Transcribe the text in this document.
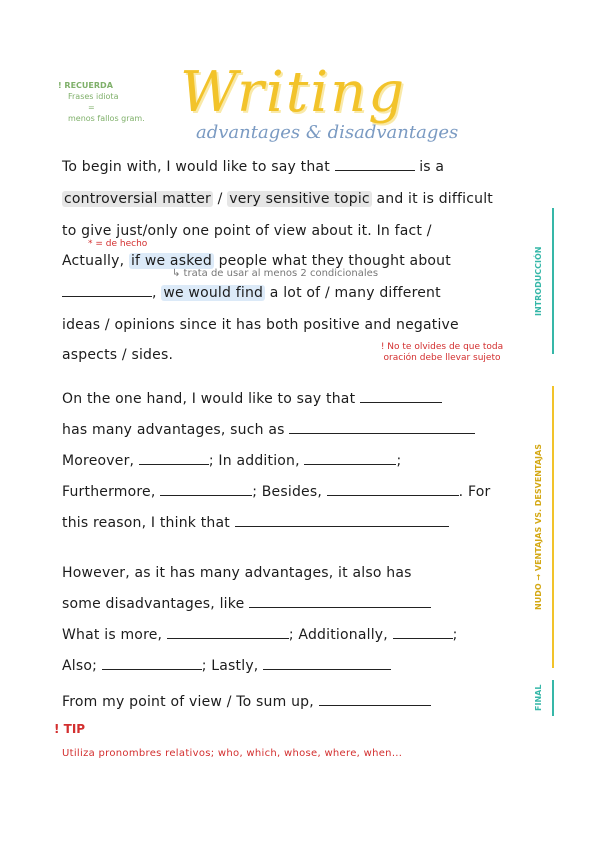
! RECUERDA
Frases idiota
=
menos fallos gram. Writing
advantages & disadvantages
To begin with, I would like to say that	is a
controversial matter / very sensitive topic and it is difficult
to give just/only one point of view about it. In fact /
* = de hecho
Actually, if we asked people what they thought about
↳ trata de usar al menos 2 condicionales
, we would find a lot of / many different
ideas / opinions since it has both positive and negative
aspects / sides.	! No te olvides de que toda oración debe llevar sujeto
On the one hand, I would like to say that
has many advantages, such as
Moreover,	; In addition,	;
Furthermore,	; Besides,	. For
this reason, I think that
However, as it has many advantages, it also has
some disadvantages, like
What is more,	; Additionally,	;
Also;	; Lastly,
From my point of view / To sum up,
INTRODUCCIÓN
NUDO → VENTAJAS VS. DESVENTAJAS
FINAL
! TIP
Utiliza pronombres relativos; who, which, whose, where, when...
